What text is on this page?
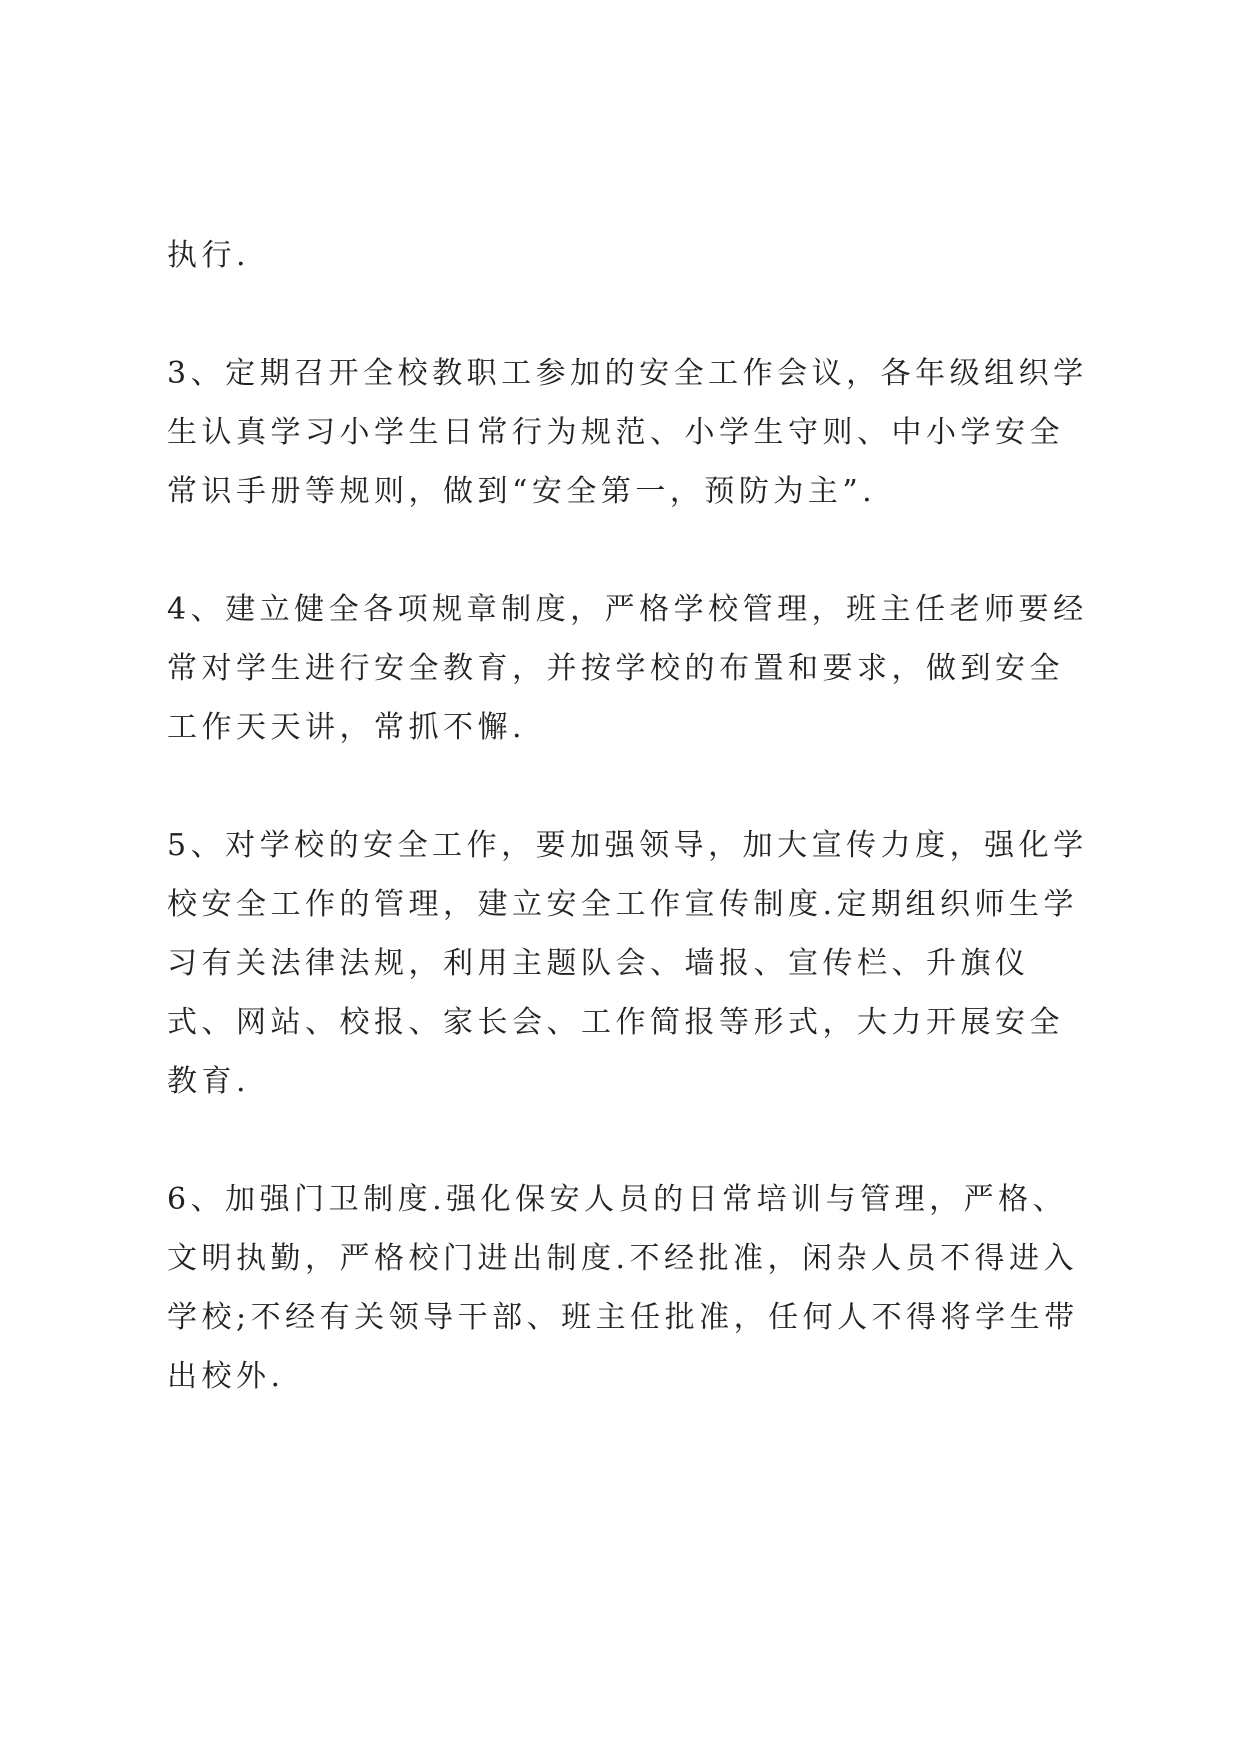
执行.

3、定期召开全校教职工参加的安全工作会议，各年级组织学生认真学习小学生日常行为规范、小学生守则、中小学安全常识手册等规则，做到“安全第一，预防为主”.

4、建立健全各项规章制度，严格学校管理，班主任老师要经常对学生进行安全教育，并按学校的布置和要求，做到安全工作天天讲，常抓不懈.

5、对学校的安全工作，要加强领导，加大宣传力度，强化学校安全工作的管理，建立安全工作宣传制度.定期组织师生学习有关法律法规，利用主题队会、墙报、宣传栏、升旗仪式、网站、校报、家长会、工作简报等形式，大力开展安全教育.

6、加强门卫制度.强化保安人员的日常培训与管理，严格、文明执勤，严格校门进出制度.不经批准，闲杂人员不得进入学校;不经有关领导干部、班主任批准，任何人不得将学生带出校外.
